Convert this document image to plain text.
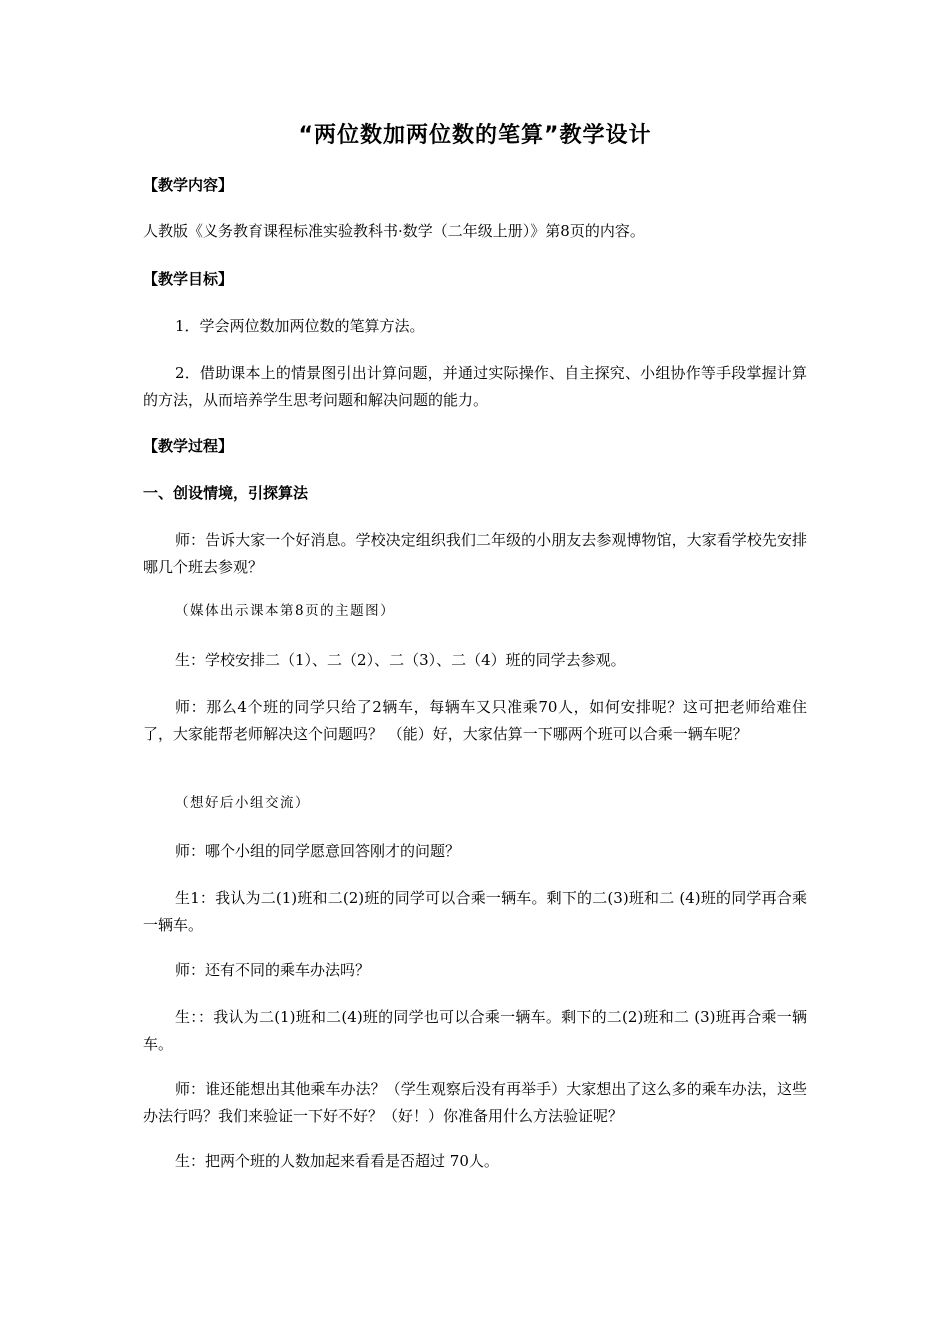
“两位数加两位数的笔算”教学设计

【教学内容】

人教版《义务教育课程标准实验教科书·数学（二年级上册）》第8页的内容。

【教学目标】

1．学会两位数加两位数的笔算方法。

2．借助课本上的情景图引出计算问题，并通过实际操作、自主探究、小组协作等手段掌握计算的方法，从而培养学生思考问题和解决问题的能力。

【教学过程】

一、创设情境，引探算法

师：告诉大家一个好消息。学校决定组织我们二年级的小朋友去参观博物馆，大家看学校先安排哪几个班去参观？

（媒体出示课本第8页的主题图）

生：学校安排二（1）、二（2）、二（3）、二（4）班的同学去参观。

师：那么4个班的同学只给了2辆车，每辆车又只准乘70人，如何安排呢？这可把老师给难住了，大家能帮老师解决这个问题吗？ （能）好，大家估算一下哪两个班可以合乘一辆车呢？

（想好后小组交流）

师：哪个小组的同学愿意回答刚才的问题？

生1：我认为二(1)班和二(2)班的同学可以合乘一辆车。剩下的二(3)班和二 (4)班的同学再合乘一辆车。

师：还有不同的乘车办法吗？

生：：我认为二(1)班和二(4)班的同学也可以合乘一辆车。剩下的二(2)班和二 (3)班再合乘一辆车。

师：谁还能想出其他乘车办法？（学生观察后没有再举手）大家想出了这么多的乘车办法，这些办法行吗？我们来验证一下好不好？（好！）你准备用什么方法验证呢？

生：把两个班的人数加起来看看是否超过 70人。
